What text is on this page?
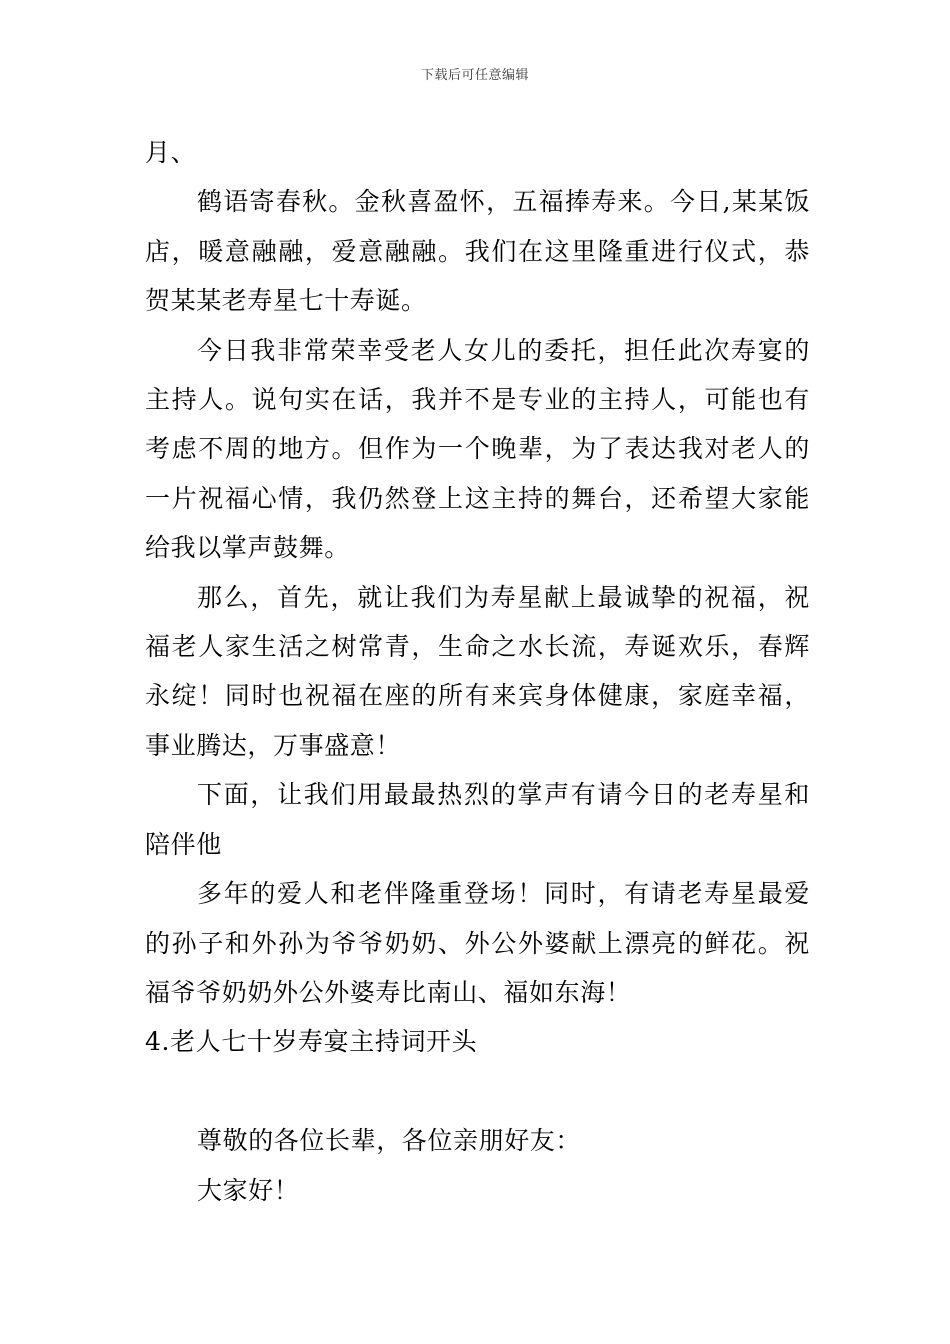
下载后可任意编辑

月、

鹤语寄春秋。金秋喜盈怀，五福捧寿来。今日,某某饭店，暖意融融，爱意融融。我们在这里隆重进行仪式，恭贺某某老寿星七十寿诞。

今日我非常荣幸受老人女儿的委托，担任此次寿宴的主持人。说句实在话，我并不是专业的主持人，可能也有考虑不周的地方。但作为一个晚辈，为了表达我对老人的一片祝福心情，我仍然登上这主持的舞台，还希望大家能给我以掌声鼓舞。

那么，首先，就让我们为寿星献上最诚挚的祝福，祝福老人家生活之树常青，生命之水长流，寿诞欢乐，春辉永绽！同时也祝福在座的所有来宾身体健康，家庭幸福，事业腾达，万事盛意！

下面，让我们用最最热烈的掌声有请今日的老寿星和陪伴他

多年的爱人和老伴隆重登场！同时，有请老寿星最爱的孙子和外孙为爷爷奶奶、外公外婆献上漂亮的鲜花。祝福爷爷奶奶外公外婆寿比南山、福如东海！

4.老人七十岁寿宴主持词开头

尊敬的各位长辈，各位亲朋好友：

大家好！
